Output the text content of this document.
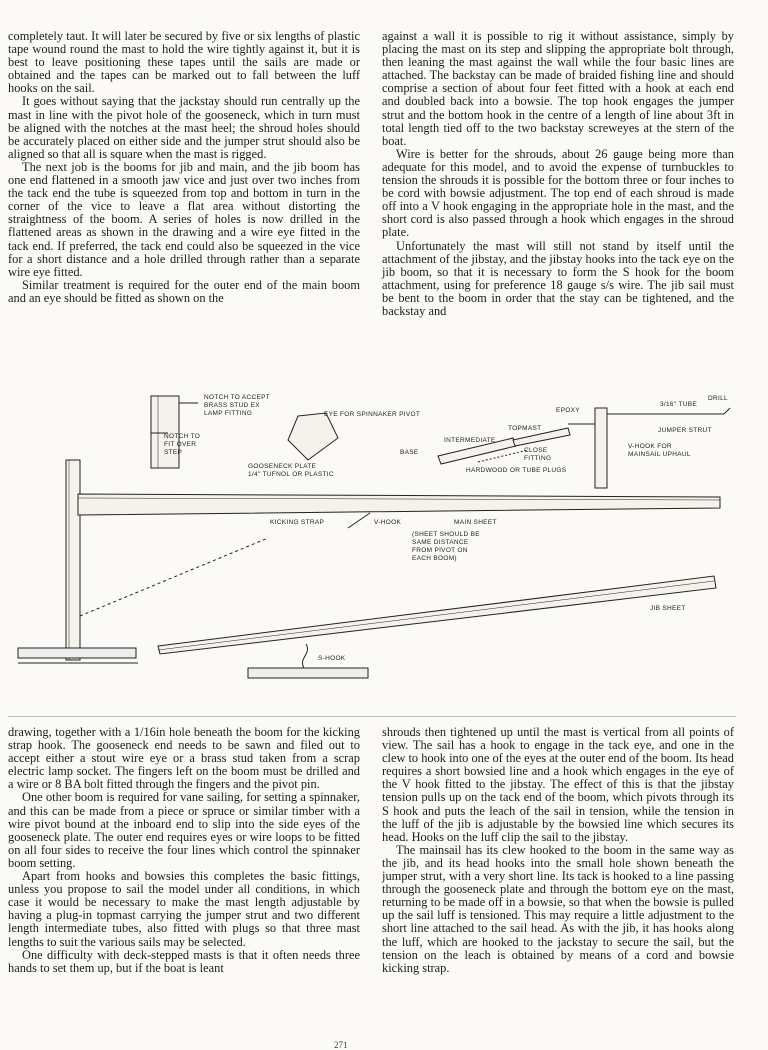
completely taut. It will later be secured by five or six lengths of plastic tape wound round the mast to hold the wire tightly against it, but it is best to leave positioning these tapes until the sails are made or obtained and the tapes can be marked out to fall between the luff hooks on the sail.

It goes without saying that the jackstay should run centrally up the mast in line with the pivot hole of the gooseneck, which in turn must be aligned with the notches at the mast heel; the shroud holes should be accurately placed on either side and the jumper strut should also be aligned so that all is square when the mast is rigged.

The next job is the booms for jib and main, and the jib boom has one end flattened in a smooth jaw vice and just over two inches from the tack end the tube is squeezed from top and bottom in turn in the corner of the vice to leave a flat area without distorting the straightness of the boom. A series of holes is now drilled in the flattened areas as shown in the drawing and a wire eye fitted in the tack end. If preferred, the tack end could also be squeezed in the vice for a short distance and a hole drilled through rather than a separate wire eye fitted.

Similar treatment is required for the outer end of the main boom and an eye should be fitted as shown on the

against a wall it is possible to rig it without assistance, simply by placing the mast on its step and slipping the appropriate bolt through, then leaning the mast against the wall while the four basic lines are attached. The backstay can be made of braided fishing line and should comprise a section of about four feet fitted with a hook at each end and doubled back into a bowsie. The top hook engages the jumper strut and the bottom hook in the centre of a length of line about 3ft in total length tied off to the two backstay screweyes at the stern of the boat.

Wire is better for the shrouds, about 26 gauge being more than adequate for this model, and to avoid the expense of turnbuckles to tension the shrouds it is possible for the bottom three or four inches to be cord with bowsie adjustment. The top end of each shroud is made off into a V hook engaging in the appropriate hole in the mast, and the short cord is also passed through a hook which engages in the shroud plate.

Unfortunately the mast will still not stand by itself until the attachment of the jibstay, and the jibstay hooks into the tack eye on the jib boom, so that it is necessary to form the S hook for the boom attachment, using for preference 18 gauge s/s wire. The jib sail must be bent to the boom in order that the stay can be tightened, and the backstay and

NOTCH TO ACCEPT
BRASS STUD EX
LAMP FITTING
NOTCH TO
FIT OVER
STEP
EYE FOR SPINNAKER PIVOT
GOOSENECK PLATE
1/4" TUFNOL OR PLASTIC
TOPMAST
INTERMEDIATE
BASE	CLOSE
FITTING
HARDWOOD OR TUBE PLUGS
EPOXY
3/16" TUBE
DRILL
JUMPER STRUT
V-HOOK FOR
MAINSAIL UPHAUL
KICKING STRAP	V-HOOK	MAIN SHEET
(SHEET SHOULD BE
SAME DISTANCE
FROM PIVOT ON
EACH BOOM)
JIB SHEET
S-HOOK

drawing, together with a 1/16in hole beneath the boom for the kicking strap hook. The gooseneck end needs to be sawn and filed out to accept either a stout wire eye or a brass stud taken from a scrap electric lamp socket. The fingers left on the boom must be drilled and a wire or 8 BA bolt fitted through the fingers and the pivot pin.

One other boom is required for vane sailing, for setting a spinnaker, and this can be made from a piece or spruce or similar timber with a wire pivot bound at the inboard end to slip into the side eyes of the gooseneck plate. The outer end requires eyes or wire loops to be fitted on all four sides to receive the four lines which control the spinnaker boom setting.

Apart from hooks and bowsies this completes the basic fittings, unless you propose to sail the model under all conditions, in which case it would be necessary to make the mast length adjustable by having a plug-in topmast carrying the jumper strut and two different length intermediate tubes, also fitted with plugs so that three mast lengths to suit the various sails may be selected.

One difficulty with deck-stepped masts is that it often needs three hands to set them up, but if the boat is leant

shrouds then tightened up until the mast is vertical from all points of view. The sail has a hook to engage in the tack eye, and one in the clew to hook into one of the eyes at the outer end of the boom. Its head requires a short bowsied line and a hook which engages in the eye of the V hook fitted to the jibstay. The effect of this is that the jibstay tension pulls up on the tack end of the boom, which pivots through its S hook and puts the leach of the sail in tension, while the tension in the luff of the jib is adjustable by the bowsied line which secures its head. Hooks on the luff clip the sail to the jibstay.

The mainsail has its clew hooked to the boom in the same way as the jib, and its head hooks into the small hole shown beneath the jumper strut, with a very short line. Its tack is hooked to a line passing through the gooseneck plate and through the bottom eye on the mast, returning to be made off in a bowsie, so that when the bowsie is pulled up the sail luff is tensioned. This may require a little adjustment to the short line attached to the sail head. As with the jib, it has hooks along the luff, which are hooked to the jackstay to secure the sail, but the tension on the leach is obtained by means of a cord and bowsie kicking strap.

271
